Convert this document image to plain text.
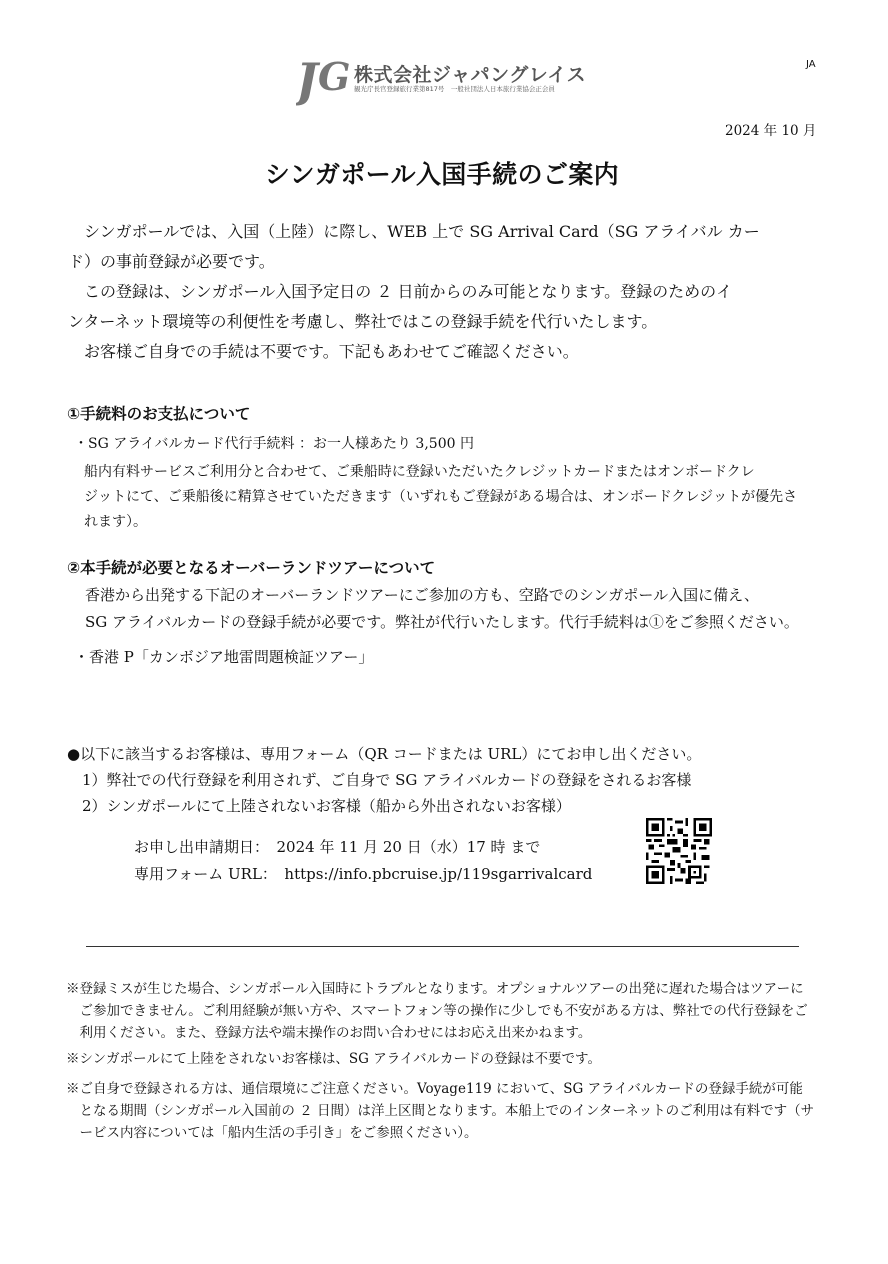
J G 株式会社ジャパングレイス
観光庁長官登録旅行業第817号　一般社団法人日本旅行業協会正会員
JA
2024 年 10 月
シンガポール入国手続のご案内
　シンガポールでは、入国（上陸）に際し、WEB 上で SG Arrival Card（SG アライバル カー
ド）の事前登録が必要です。
　この登録は、シンガポール入国予定日の ２ 日前からのみ可能となります。登録のためのイ
ンターネット環境等の利便性を考慮し、弊社ではこの登録手続を代行いたします。
　お客様ご自身での手続は不要です。下記もあわせてご確認ください。
①手続料のお支払について
・SG アライバルカード代行手続料 ：お一人様あたり 3,500 円
船内有料サービスご利用分と合わせて、ご乗船時に登録いただいたクレジットカードまたはオンボードクレ
ジットにて、ご乗船後に精算させていただきます（いずれもご登録がある場合は、オンボードクレジットが優先さ
れます）。
②本手続が必要となるオーバーランドツアーについて
香港から出発する下記のオーバーランドツアーにご参加の方も、空路でのシンガポール入国に備え、
SG アライバルカードの登録手続が必要です。弊社が代行いたします。代行手続料は①をご参照ください。
・香港 P「カンボジア地雷問題検証ツアー」
●以下に該当するお客様は、専用フォーム（QR コードまたは URL）にてお申し出ください。
1）弊社での代行登録を利用されず、ご自身で SG アライバルカードの登録をされるお客様
2）シンガポールにて上陸されないお客様（船から外出されないお客様）
お申し出申請期日：　2024 年 11 月 20 日（水）17 時 まで
専用フォーム URL：　https://info.pbcruise.jp/119sgarrivalcard
※登録ミスが生じた場合、シンガポール入国時にトラブルとなります。オプショナルツアーの出発に遅れた場合はツアーに
　ご参加できません。ご利用経験が無い方や、スマートフォン等の操作に少しでも不安がある方は、弊社での代行登録をご
　利用ください。また、登録方法や端末操作のお問い合わせにはお応え出来かねます。
※シンガポールにて上陸をされないお客様は、SG アライバルカードの登録は不要です。
※ご自身で登録される方は、通信環境にご注意ください。Voyage119 において、SG アライバルカードの登録手続が可能
　となる期間（シンガポール入国前の ２ 日間）は洋上区間となります。本船上でのインターネットのご利用は有料です（サ
　ービス内容については「船内生活の手引き」をご参照ください）。
